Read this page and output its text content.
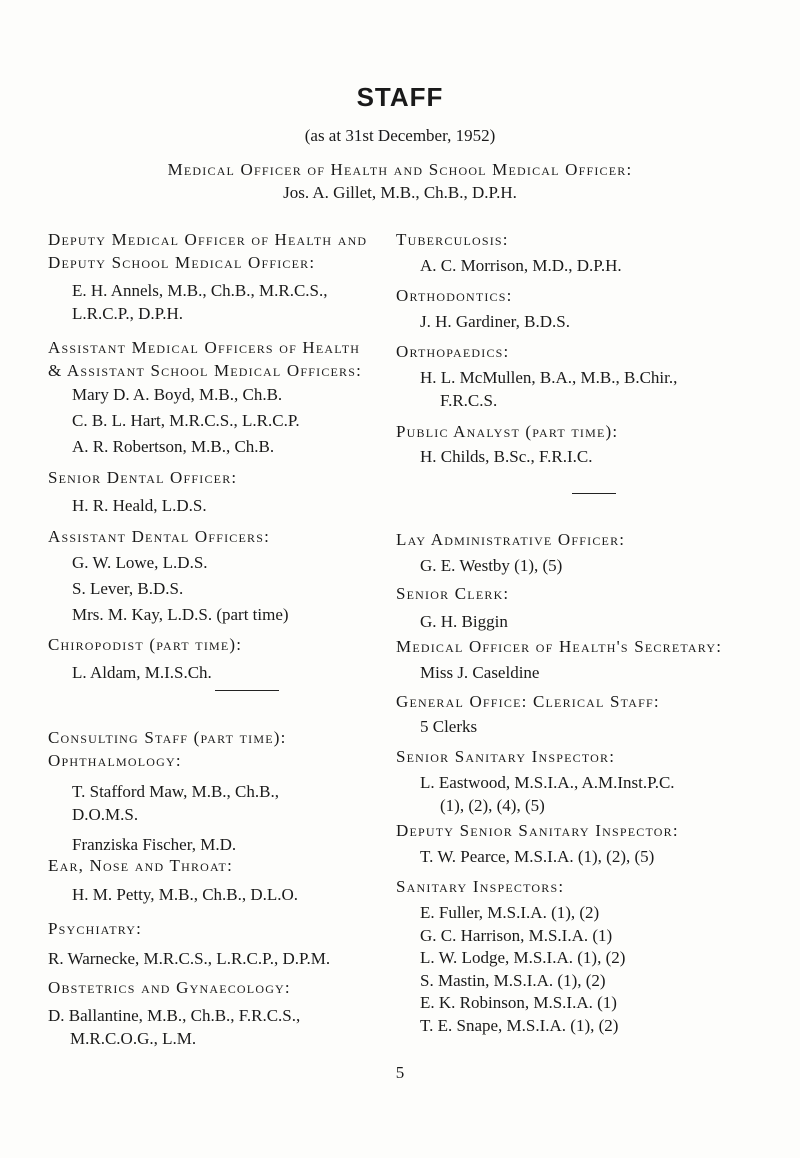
STAFF
(as at 31st December, 1952)
Medical Officer of Health and School Medical Officer:
Jos. A. Gillet, M.B., Ch.B., D.P.H.
Deputy Medical Officer of Health and
Deputy School Medical Officer:
E. H. Annels, M.B., Ch.B., M.R.C.S.,
L.R.C.P., D.P.H.
Assistant Medical Officers of Health
& Assistant School Medical Officers:
Mary D. A. Boyd, M.B., Ch.B.
C. B. L. Hart, M.R.C.S., L.R.C.P.
A. R. Robertson, M.B., Ch.B.
Senior Dental Officer:
H. R. Heald, L.D.S.
Assistant Dental Officers:
G. W. Lowe, L.D.S.
S. Lever, B.D.S.
Mrs. M. Kay, L.D.S. (part time)
Chiropodist (part time):
L. Aldam, M.I.S.Ch.
Consulting Staff (part time):
Ophthalmology:
T. Stafford Maw, M.B., Ch.B.,
D.O.M.S.
Franziska Fischer, M.D.
Ear, Nose and Throat:
H. M. Petty, M.B., Ch.B., D.L.O.
Psychiatry:
R. Warnecke, M.R.C.S., L.R.C.P., D.P.M.
Obstetrics and Gynaecology:
D. Ballantine, M.B., Ch.B., F.R.C.S.,
M.R.C.O.G., L.M.
Tuberculosis:
A. C. Morrison, M.D., D.P.H.
Orthodontics:
J. H. Gardiner, B.D.S.
Orthopaedics:
H. L. McMullen, B.A., M.B., B.Chir.,
F.R.C.S.
Public Analyst (part time):
H. Childs, B.Sc., F.R.I.C.
Lay Administrative Officer:
G. E. Westby (1), (5)
Senior Clerk:
G. H. Biggin
Medical Officer of Health's Secretary:
Miss J. Caseldine
General Office: Clerical Staff:
5 Clerks
Senior Sanitary Inspector:
L. Eastwood, M.S.I.A., A.M.Inst.P.C.
(1), (2), (4), (5)
Deputy Senior Sanitary Inspector:
T. W. Pearce, M.S.I.A. (1), (2), (5)
Sanitary Inspectors:
E. Fuller, M.S.I.A. (1), (2)
G. C. Harrison, M.S.I.A. (1)
L. W. Lodge, M.S.I.A. (1), (2)
S. Mastin, M.S.I.A. (1), (2)
E. K. Robinson, M.S.I.A. (1)
T. E. Snape, M.S.I.A. (1), (2)
5
